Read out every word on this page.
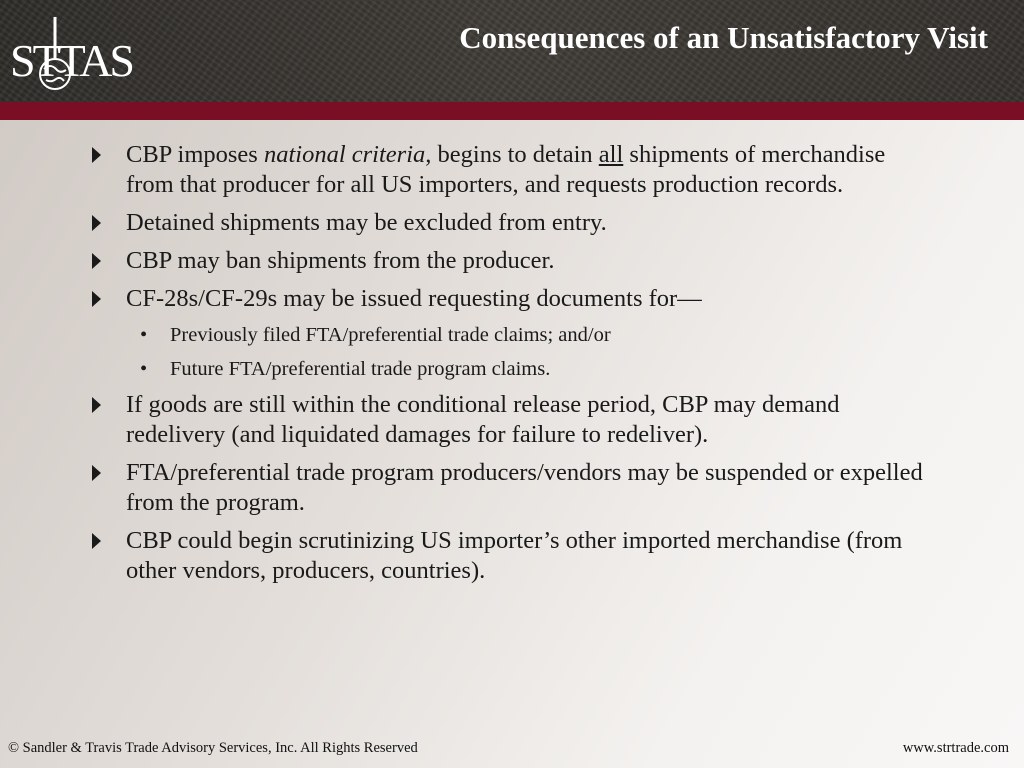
STTAS	Consequences of an Unsatisfactory Visit
CBP imposes national criteria, begins to detain all shipments of merchandise from that producer for all US importers, and requests production records.
Detained shipments may be excluded from entry.
CBP may ban shipments from the producer.
CF-28s/CF-29s may be issued requesting documents for—
• Previously filed FTA/preferential trade claims; and/or
• Future FTA/preferential trade program claims.
If goods are still within the conditional release period, CBP may demand redelivery (and liquidated damages for failure to redeliver).
FTA/preferential trade program producers/vendors may be suspended or expelled from the program.
CBP could begin scrutinizing US importer’s other imported merchandise (from other vendors, producers, countries).
© Sandler & Travis Trade Advisory Services, Inc. All Rights Reserved	www.strtrade.com
